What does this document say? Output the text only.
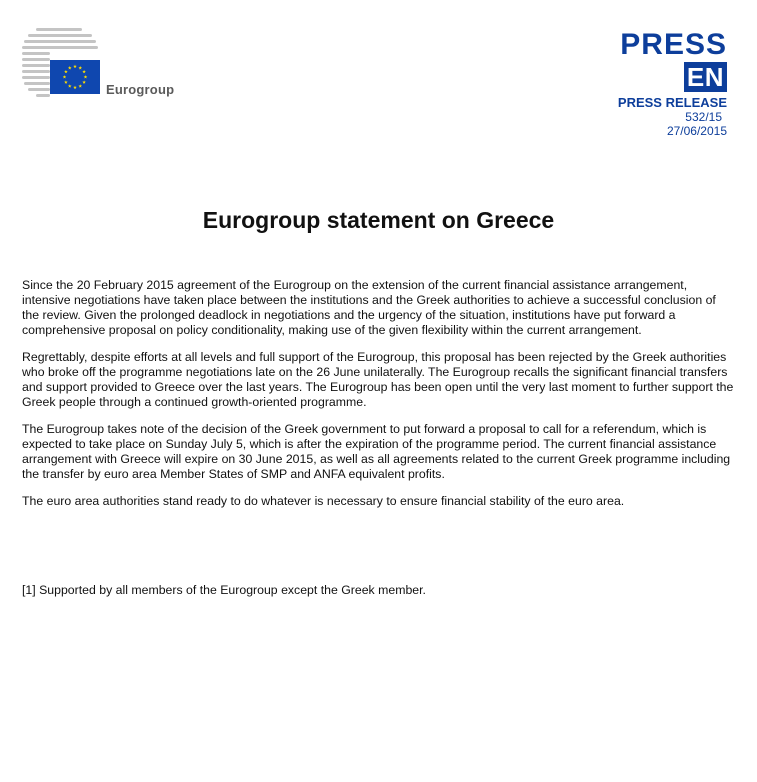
Eurogroup
PRESS
EN
PRESS RELEASE
532/15
27/06/2015
Eurogroup statement on Greece

Since the 20 February 2015 agreement of the Eurogroup on the extension of the current financial assistance arrangement, intensive negotiations have taken place between the institutions and the Greek authorities to achieve a successful conclusion of the review. Given the prolonged deadlock in negotiations and the urgency of the situation, institutions have put forward a comprehensive proposal on policy conditionality, making use of the given flexibility within the current arrangement.

Regrettably, despite efforts at all levels and full support of the Eurogroup, this proposal has been rejected by the Greek authorities who broke off the programme negotiations late on the 26 June unilaterally. The Eurogroup recalls the significant financial transfers and support provided to Greece over the last years. The Eurogroup has been open until the very last moment to further support the Greek people through a continued growth-oriented programme.

The Eurogroup takes note of the decision of the Greek government to put forward a proposal to call for a referendum, which is expected to take place on Sunday July 5, which is after the expiration of the programme period. The current financial assistance arrangement with Greece will expire on 30 June 2015, as well as all agreements related to the current Greek programme including the transfer by euro area Member States of SMP and ANFA equivalent profits.

The euro area authorities stand ready to do whatever is necessary to ensure financial stability of the euro area.

[1] Supported by all members of the Eurogroup except the Greek member.
